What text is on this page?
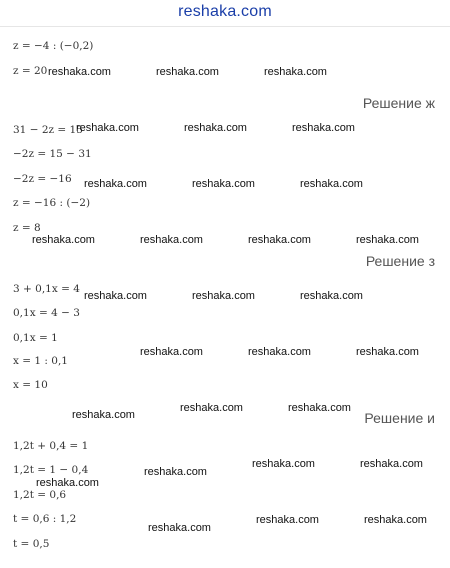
reshaka.com
z = −4 : (−0,2)
z = 20
Решение ж
31 − 2z = 15
−2z = 15 − 31
−2z = −16
z = −16 : (−2)
z = 8
Решение з
3 + 0,1x = 4
0,1x = 4 − 3
0,1x = 1
x = 1 : 0,1
x = 10
Решение и
1,2t + 0,4 = 1
1,2t = 1 − 0,4
1,2t = 0,6
t = 0,6 : 1,2
t = 0,5
reshaka.com	reshaka.com	reshaka.com
reshaka.com	reshaka.com	reshaka.com
reshaka.com	reshaka.com	reshaka.com
reshaka.com	reshaka.com	reshaka.com	reshaka.com
reshaka.com	reshaka.com	reshaka.com
reshaka.com	reshaka.com	reshaka.com
reshaka.com
reshaka.com	reshaka.com
reshaka.com
reshaka.com	reshaka.com
reshaka.com
reshaka.com
reshaka.com	reshaka.com
